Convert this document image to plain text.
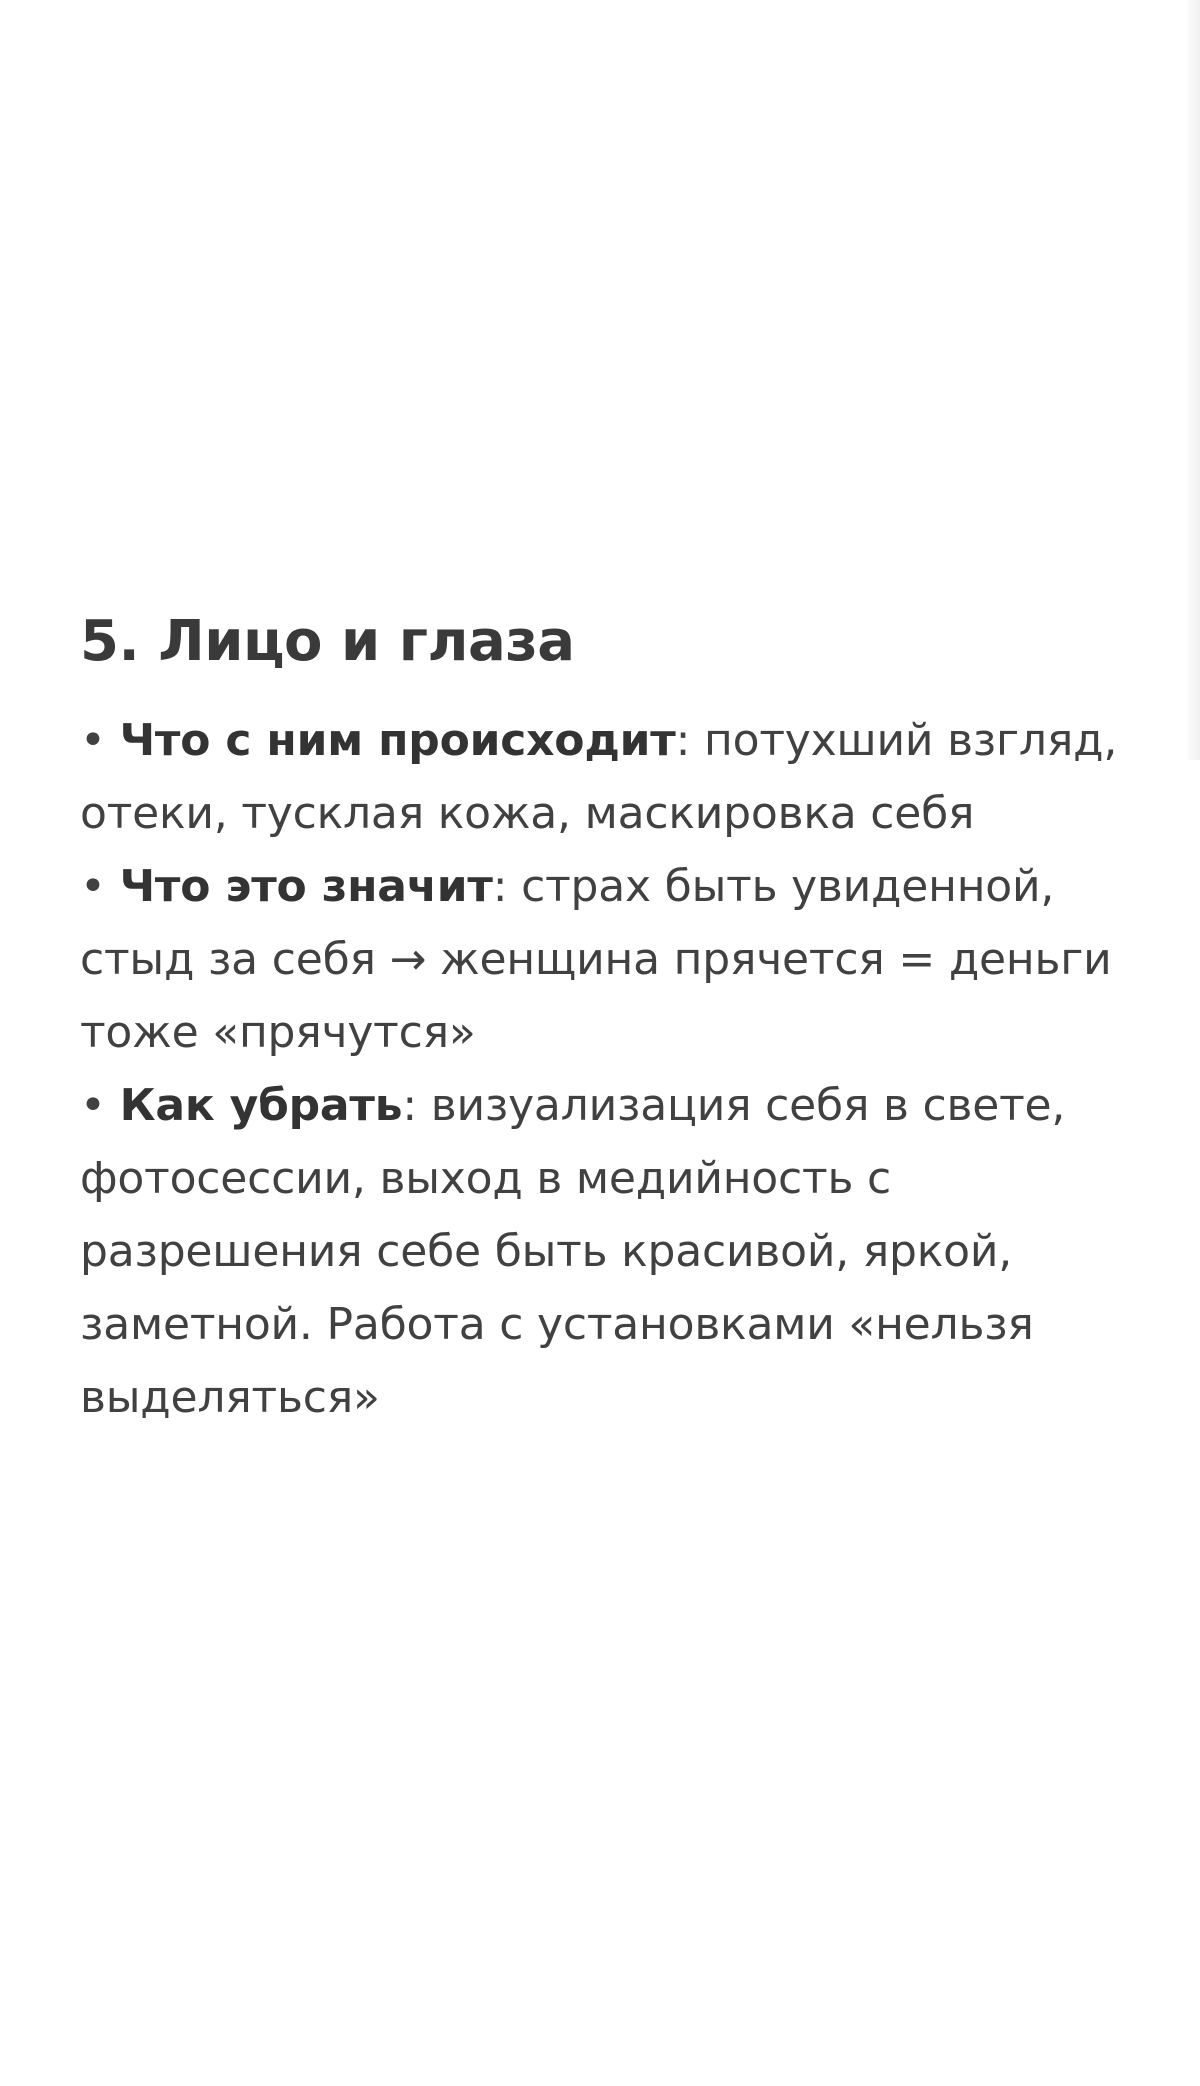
5. Лицо и глаза

• Что с ним происходит: потухший взгляд, отеки, тусклая кожа, маскировка себя

• Что это значит: страх быть увиденной, стыд за себя → женщина прячется = деньги тоже «прячутся»

• Как убрать: визуализация себя в свете, фотосессии, выход в медийность с разрешения себе быть красивой, яркой, заметной. Работа с установками «нельзя выделяться»
